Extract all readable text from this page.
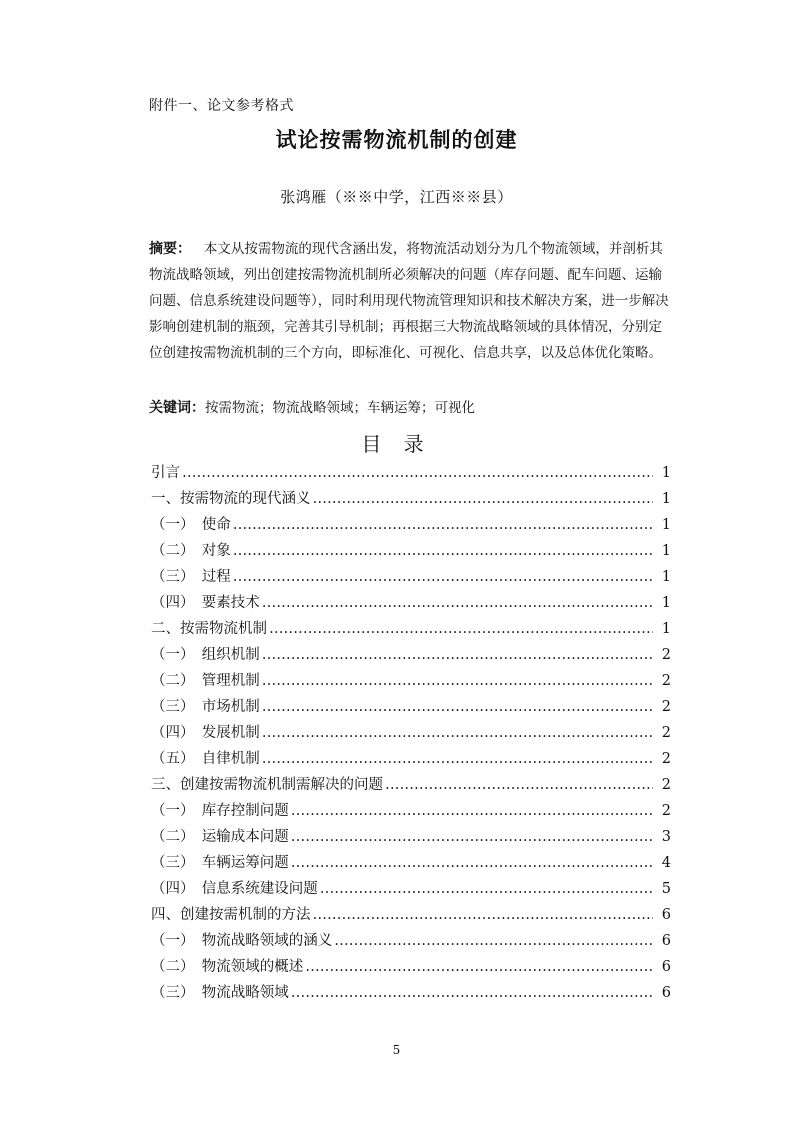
附件一、论文参考格式
试论按需物流机制的创建
张鸿雁（※※中学，江西※※县）
摘要： 本文从按需物流的现代含涵出发，将物流活动划分为几个物流领域，并剖析其物流战略领域，列出创建按需物流机制所必须解决的问题（库存问题、配车问题、运输问题、信息系统建设问题等），同时利用现代物流管理知识和技术解决方案，进一步解决影响创建机制的瓶颈，完善其引导机制；再根据三大物流战略领域的具体情况，分别定位创建按需物流机制的三个方向，即标准化、可视化、信息共享，以及总体优化策略。
关键词：按需物流；物流战略领域；车辆运筹；可视化
目 录
引言 ……………………………………………………………………………………………………………………………………	1
一、按需物流的现代涵义 ……………………………………………………………………………………………………………………………………	1
（一）　使命 ……………………………………………………………………………………………………………………………………	1
（二）　对象 ……………………………………………………………………………………………………………………………………	1
（三）　过程 ……………………………………………………………………………………………………………………………………	1
（四）　要素技术 ……………………………………………………………………………………………………………………………………	1
二、按需物流机制 ……………………………………………………………………………………………………………………………………	1
（一）　组织机制 ……………………………………………………………………………………………………………………………………	2
（二）　管理机制 ……………………………………………………………………………………………………………………………………	2
（三）　市场机制 ……………………………………………………………………………………………………………………………………	2
（四）　发展机制 ……………………………………………………………………………………………………………………………………	2
（五）　自律机制 ……………………………………………………………………………………………………………………………………	2
三、创建按需物流机制需解决的问题 ……………………………………………………………………………………………………………………………………	2
（一）　库存控制问题 ……………………………………………………………………………………………………………………………………	2
（二）　运输成本问题 ……………………………………………………………………………………………………………………………………	3
（三）　车辆运筹问题 ……………………………………………………………………………………………………………………………………	4
（四）　信息系统建设问题 ……………………………………………………………………………………………………………………………………	5
四、创建按需机制的方法 ……………………………………………………………………………………………………………………………………	6
（一）　物流战略领域的涵义 ……………………………………………………………………………………………………………………………………	6
（二）　物流领域的概述 ……………………………………………………………………………………………………………………………………	6
（三）　物流战略领域 ……………………………………………………………………………………………………………………………………	6
5
